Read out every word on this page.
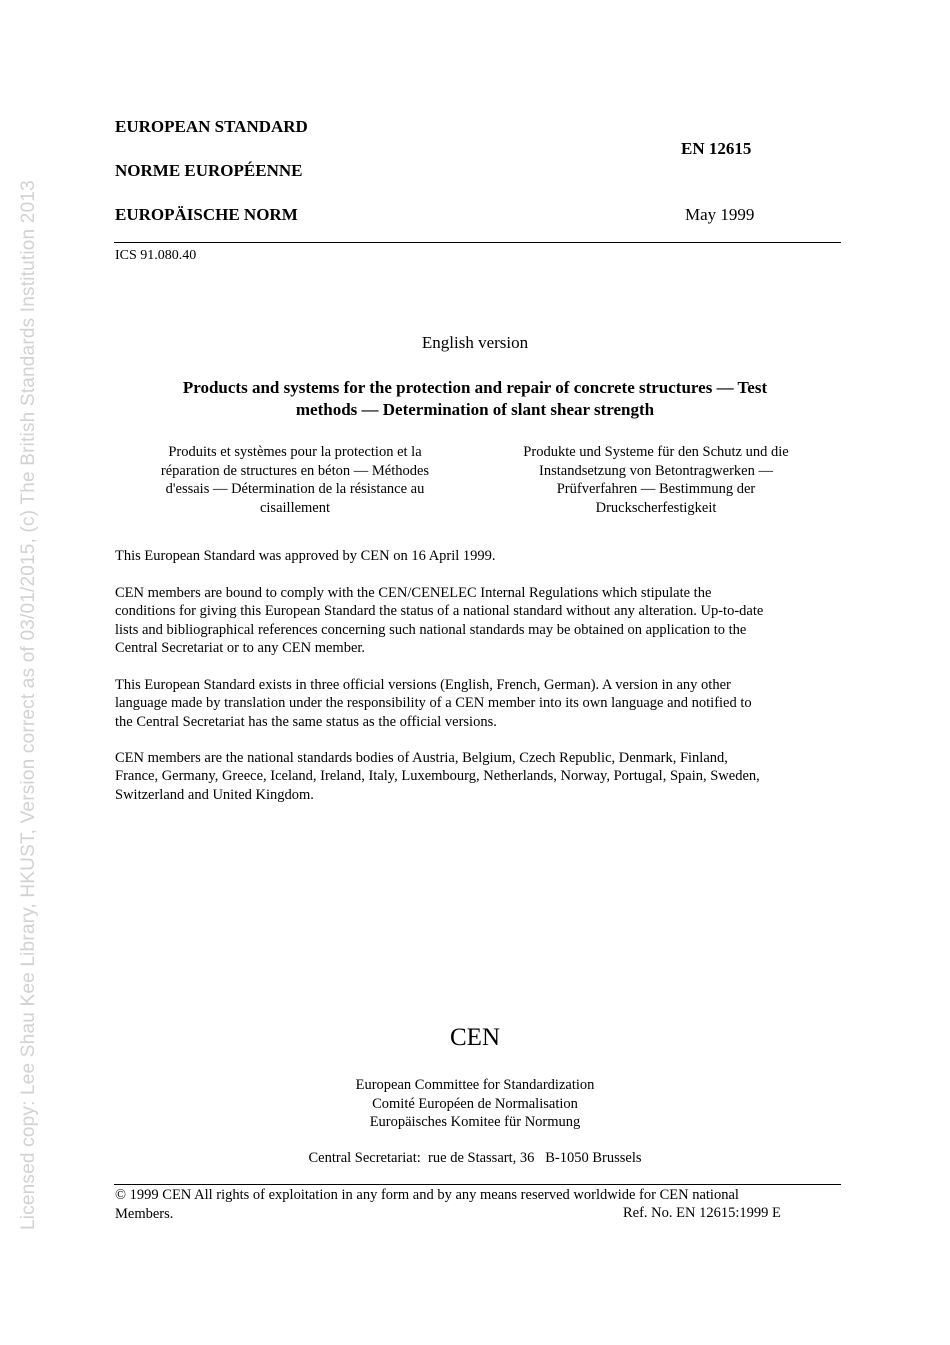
Licensed copy: Lee Shau Kee Library, HKUST, Version correct as of 03/01/2015, (c) The British Standards Institution 2013
EUROPEAN STANDARD
EN 12615
NORME EUROPÉENNE
EUROPÄISCHE NORM	May 1999
ICS 91.080.40
English version
Products and systems for the protection and repair of concrete structures — Test
methods — Determination of slant shear strength
Produits et systèmes pour la protection et la
réparation de structures en béton — Méthodes
d'essais — Détermination de la résistance au
cisaillement
Produkte und Systeme für den Schutz und die
Instandsetzung von Betontragwerken —
Prüfverfahren — Bestimmung der
Druckscherfestigkeit
This European Standard was approved by CEN on 16 April 1999.
CEN members are bound to comply with the CEN/CENELEC Internal Regulations which stipulate the
conditions for giving this European Standard the status of a national standard without any alteration. Up-to-date
lists and bibliographical references concerning such national standards may be obtained on application to the
Central Secretariat or to any CEN member.
This European Standard exists in three official versions (English, French, German). A version in any other
language made by translation under the responsibility of a CEN member into its own language and notified to
the Central Secretariat has the same status as the official versions.
CEN members are the national standards bodies of Austria, Belgium, Czech Republic, Denmark, Finland,
France, Germany, Greece, Iceland, Ireland, Italy, Luxembourg, Netherlands, Norway, Portugal, Spain, Sweden,
Switzerland and United Kingdom.
CEN
European Committee for Standardization
Comité Européen de Normalisation
Europäisches Komitee für Normung
Central Secretariat:  rue de Stassart, 36   B-1050 Brussels
© 1999 CEN All rights of exploitation in any form and by any means reserved worldwide for CEN national
Members.	Ref. No. EN 12615:1999 E
